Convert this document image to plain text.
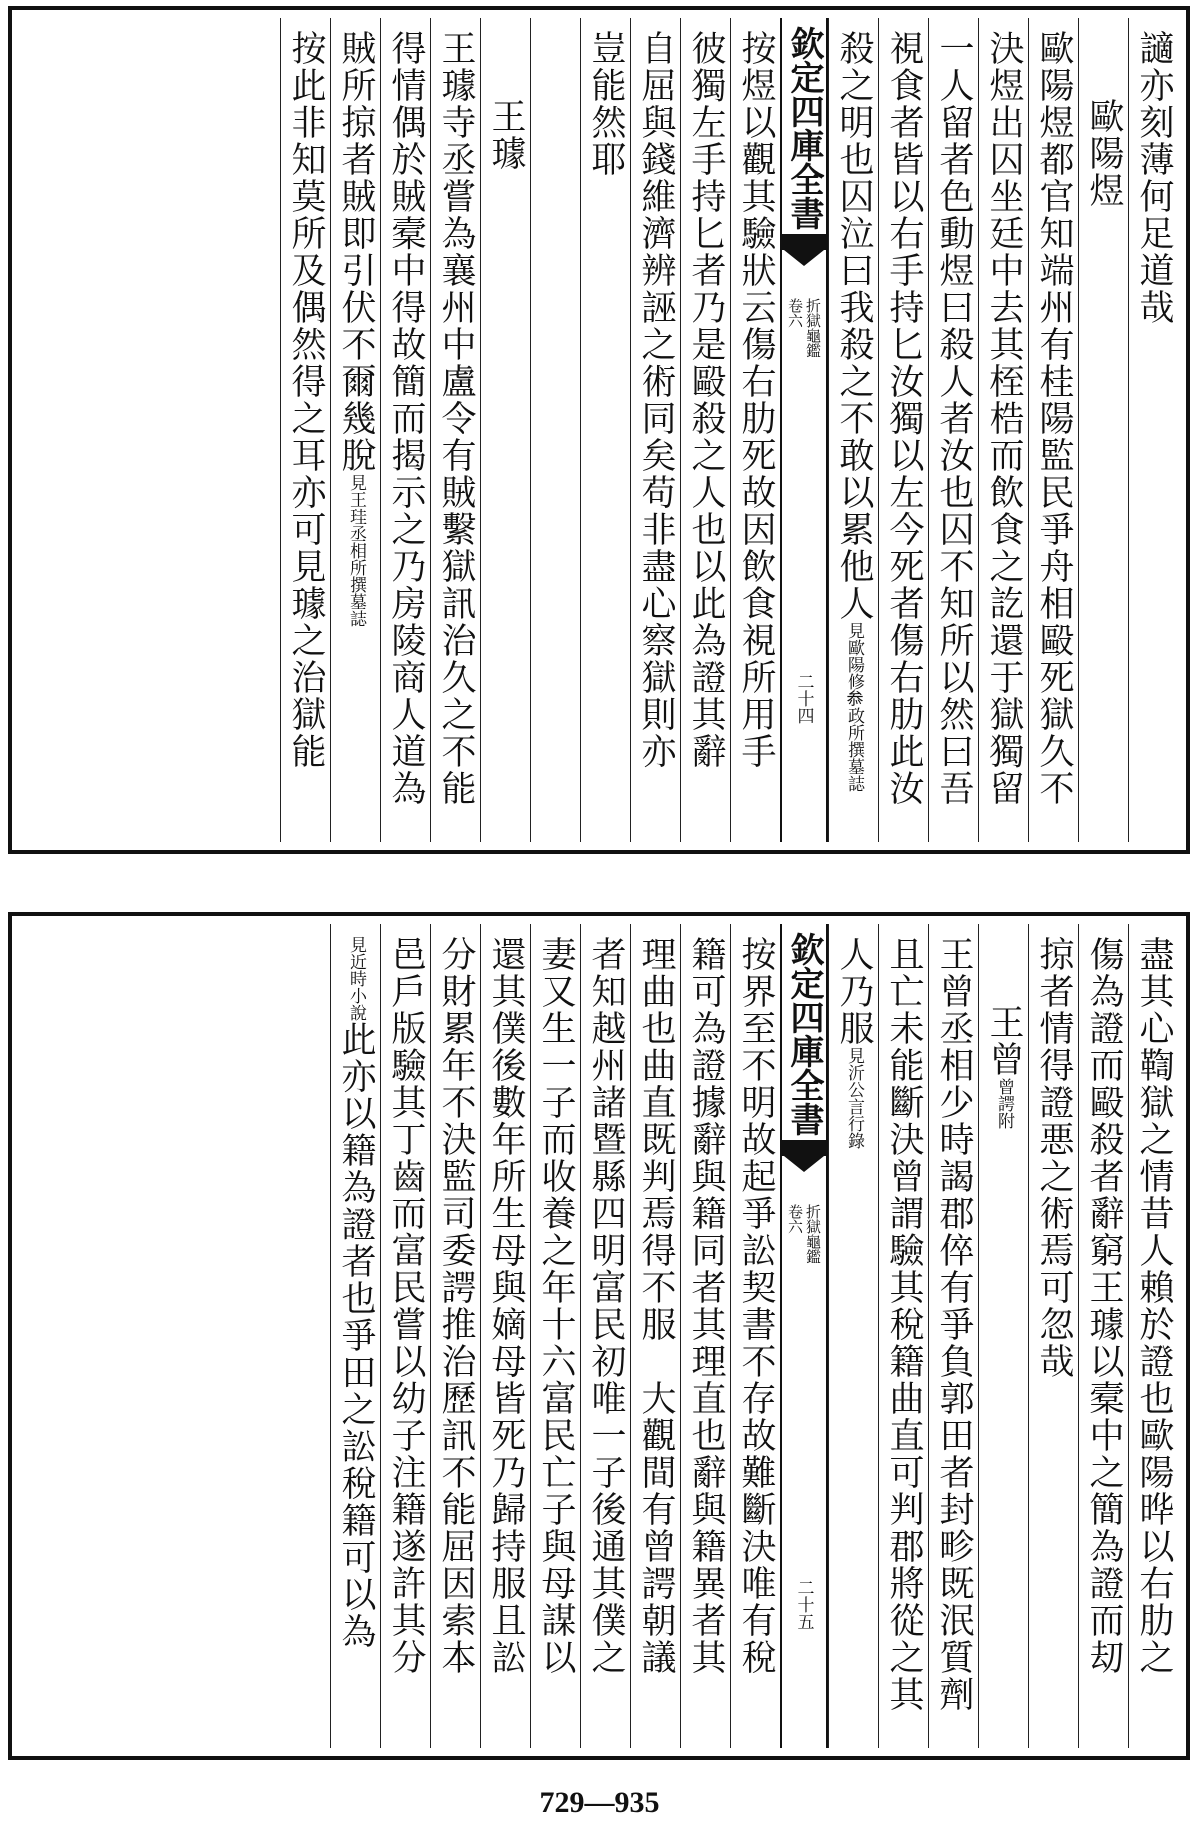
讁亦刻薄何足道哉
歐陽煜
歐陽煜都官知端州有桂陽監民爭舟相毆死獄久不
決煜出囚坐廷中去其桎梏而飲食之訖還于獄獨留
一人留者色動煜曰殺人者汝也囚不知所以然曰吾
視食者皆以右手持匕汝獨以左今死者傷右肋此汝
殺之明也囚泣曰我殺之不敢以累他人見歐陽修𠫵政所撰墓誌
欽定四庫全書
折獄龜鑑
卷六
二十四
按煜以觀其驗狀云傷右肋死故因飲食視所用手
彼獨左手持匕者乃是毆殺之人也以此為證其辭
自屈與錢維濟辨誣之術同矣苟非盡心察獄則亦
豈能然耶
王璩
王璩寺丞嘗為襄州中盧令有賊繫獄訊治久之不能
得情偶於賊槖中得故簡而揭示之乃房陵商人道為
賊所掠者賊即引伏不爾幾脫見王珪丞相所撰墓誌
按此非知莫所及偶然得之耳亦可見璩之治獄能
盡其心鞫獄之情昔人賴於證也歐陽晔以右肋之
傷為證而毆殺者辭窮王璩以槖中之簡為證而刧
掠者情得證悪之術焉可忽哉
王曾曾諤附
王曾丞相少時謁郡倅有爭負郭田者封畛既泯質劑
且亡未能斷決曾謂驗其稅籍曲直可判郡將從之其
人乃服見沂公言行錄
欽定四庫全書
折獄龜鑑
卷六
二十五
按界至不明故起爭訟契書不存故難斷決唯有稅
籍可為證據辭與籍同者其理直也辭與籍異者其
理曲也曲直既判焉得不服　大觀間有曾諤朝議
者知越州諸暨縣四明富民初唯一子後通其僕之
妻又生一子而收養之年十六富民亡子與母謀以
還其僕後數年所生母與嫡母皆死乃歸持服且訟
分財累年不決監司委諤推治歷訊不能屈因索本
邑戶版驗其丁齒而富民嘗以幼子注籍遂許其分
見近時小說此亦以籍為證者也爭田之訟稅籍可以為
729—935
